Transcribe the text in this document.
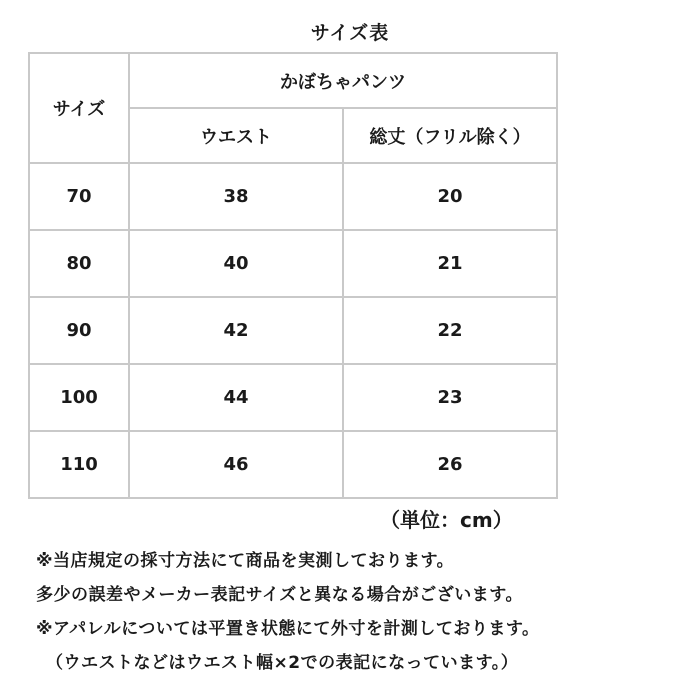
サイズ表
サイズ	かぼちゃパンツ	
	ウエスト	総丈（フリル除く）
70	38	20
80	40	21
90	42	22
100	44	23
110	46	26
（単位：cm）
※当店規定の採寸方法にて商品を実測しております。
多少の誤差やメーカー表記サイズと異なる場合がございます。
※アパレルについては平置き状態にて外寸を計測しております。
（ウエストなどはウエスト幅×2での表記になっています。）
